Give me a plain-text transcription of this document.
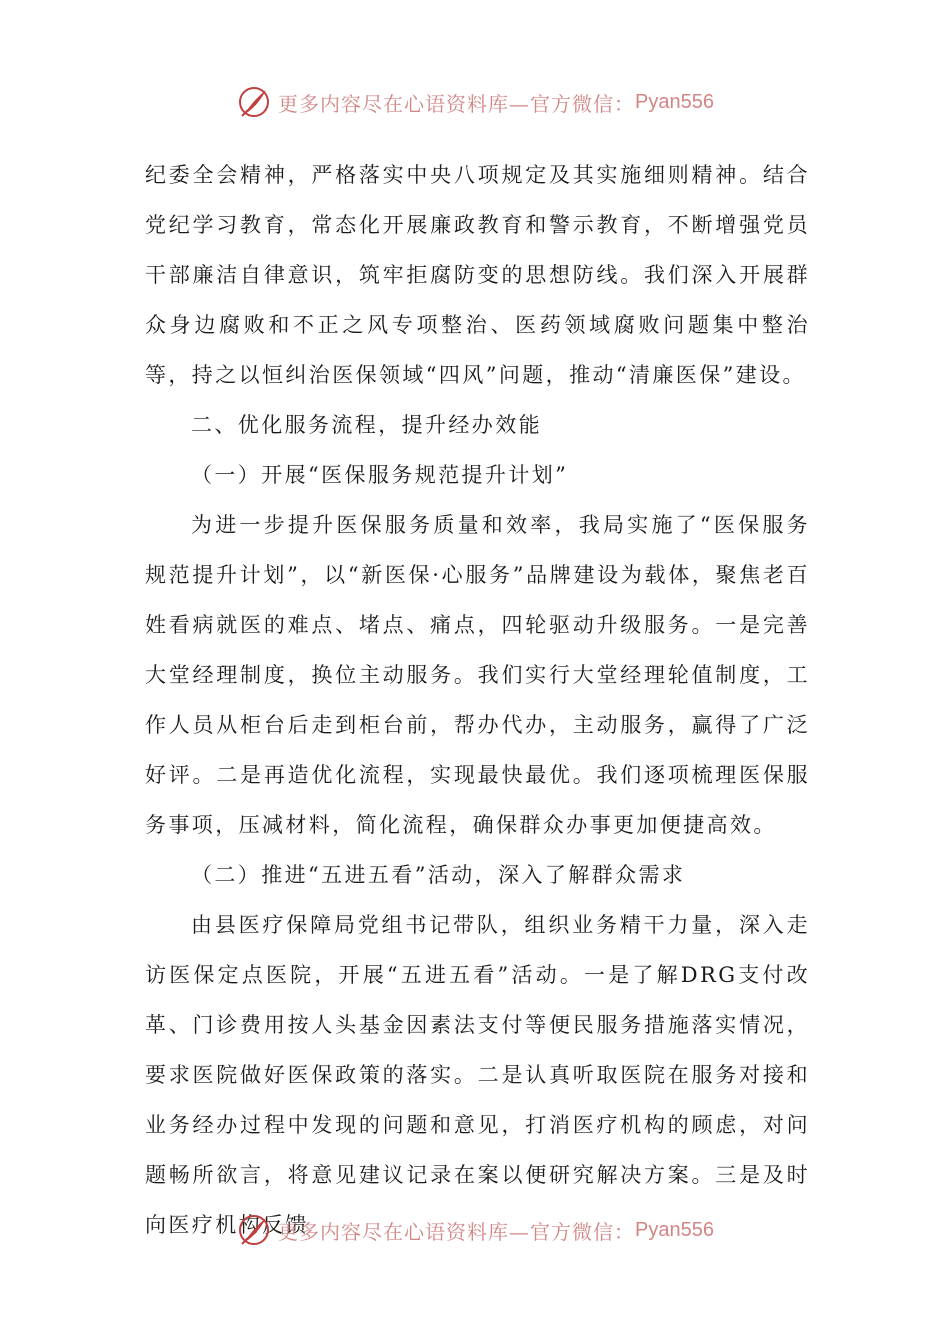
更多内容尽在心语资料库—官方微信： Pyan556

纪委全会精神，严格落实中央八项规定及其实施细则精神。结合党纪学习教育，常态化开展廉政教育和警示教育，不断增强党员干部廉洁自律意识，筑牢拒腐防变的思想防线。我们深入开展群众身边腐败和不正之风专项整治、医药领域腐败问题集中整治等，持之以恒纠治医保领域“四风”问题，推动“清廉医保”建设。

二、优化服务流程，提升经办效能

（一）开展“医保服务规范提升计划”

为进一步提升医保服务质量和效率，我局实施了“医保服务规范提升计划”，以“新医保·心服务”品牌建设为载体，聚焦老百姓看病就医的难点、堵点、痛点，四轮驱动升级服务。一是完善大堂经理制度，换位主动服务。我们实行大堂经理轮值制度，工作人员从柜台后走到柜台前，帮办代办，主动服务，赢得了广泛好评。二是再造优化流程，实现最快最优。我们逐项梳理医保服务事项，压减材料，简化流程，确保群众办事更加便捷高效。

（二）推进“五进五看”活动，深入了解群众需求

由县医疗保障局党组书记带队，组织业务精干力量，深入走访医保定点医院，开展“五进五看”活动。一是了解DRG支付改革、门诊费用按人头基金因素法支付等便民服务措施落实情况，要求医院做好医保政策的落实。二是认真听取医院在服务对接和业务经办过程中发现的问题和意见，打消医疗机构的顾虑，对问题畅所欲言，将意见建议记录在案以便研究解决方案。三是及时向医疗机构反馈

更多内容尽在心语资料库—官方微信： Pyan556
